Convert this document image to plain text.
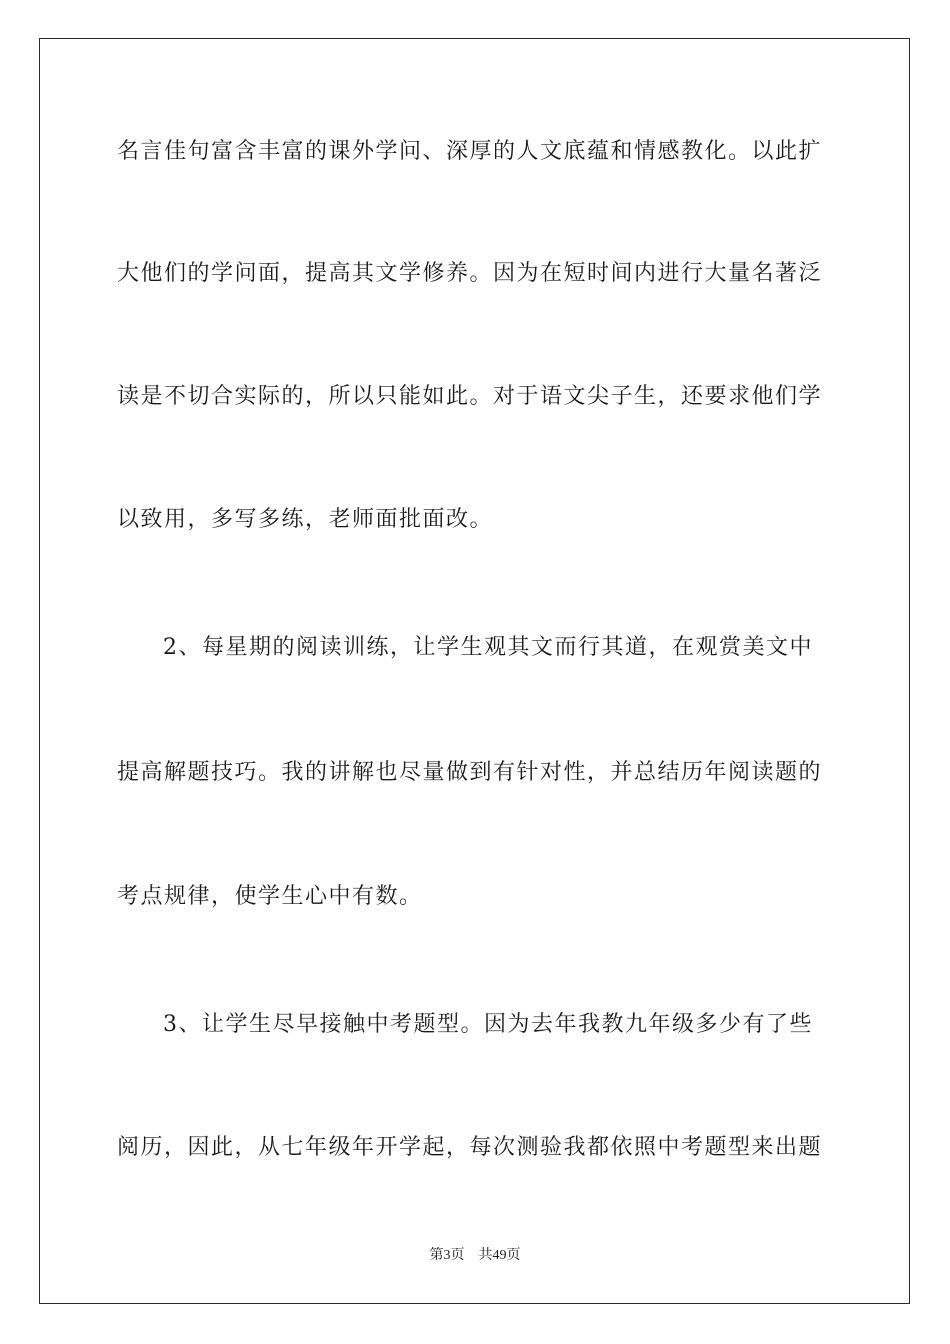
名言佳句富含丰富的课外学问、深厚的人文底蕴和情感教化。以此扩
大他们的学问面，提高其文学修养。因为在短时间内进行大量名著泛
读是不切合实际的，所以只能如此。对于语文尖子生，还要求他们学
以致用，多写多练，老师面批面改。
2、每星期的阅读训练，让学生观其文而行其道，在观赏美文中
提高解题技巧。我的讲解也尽量做到有针对性，并总结历年阅读题的
考点规律，使学生心中有数。
3、让学生尽早接触中考题型。因为去年我教九年级多少有了些
阅历，因此，从七年级年开学起，每次测验我都依照中考题型来出题
第3页 共49页
